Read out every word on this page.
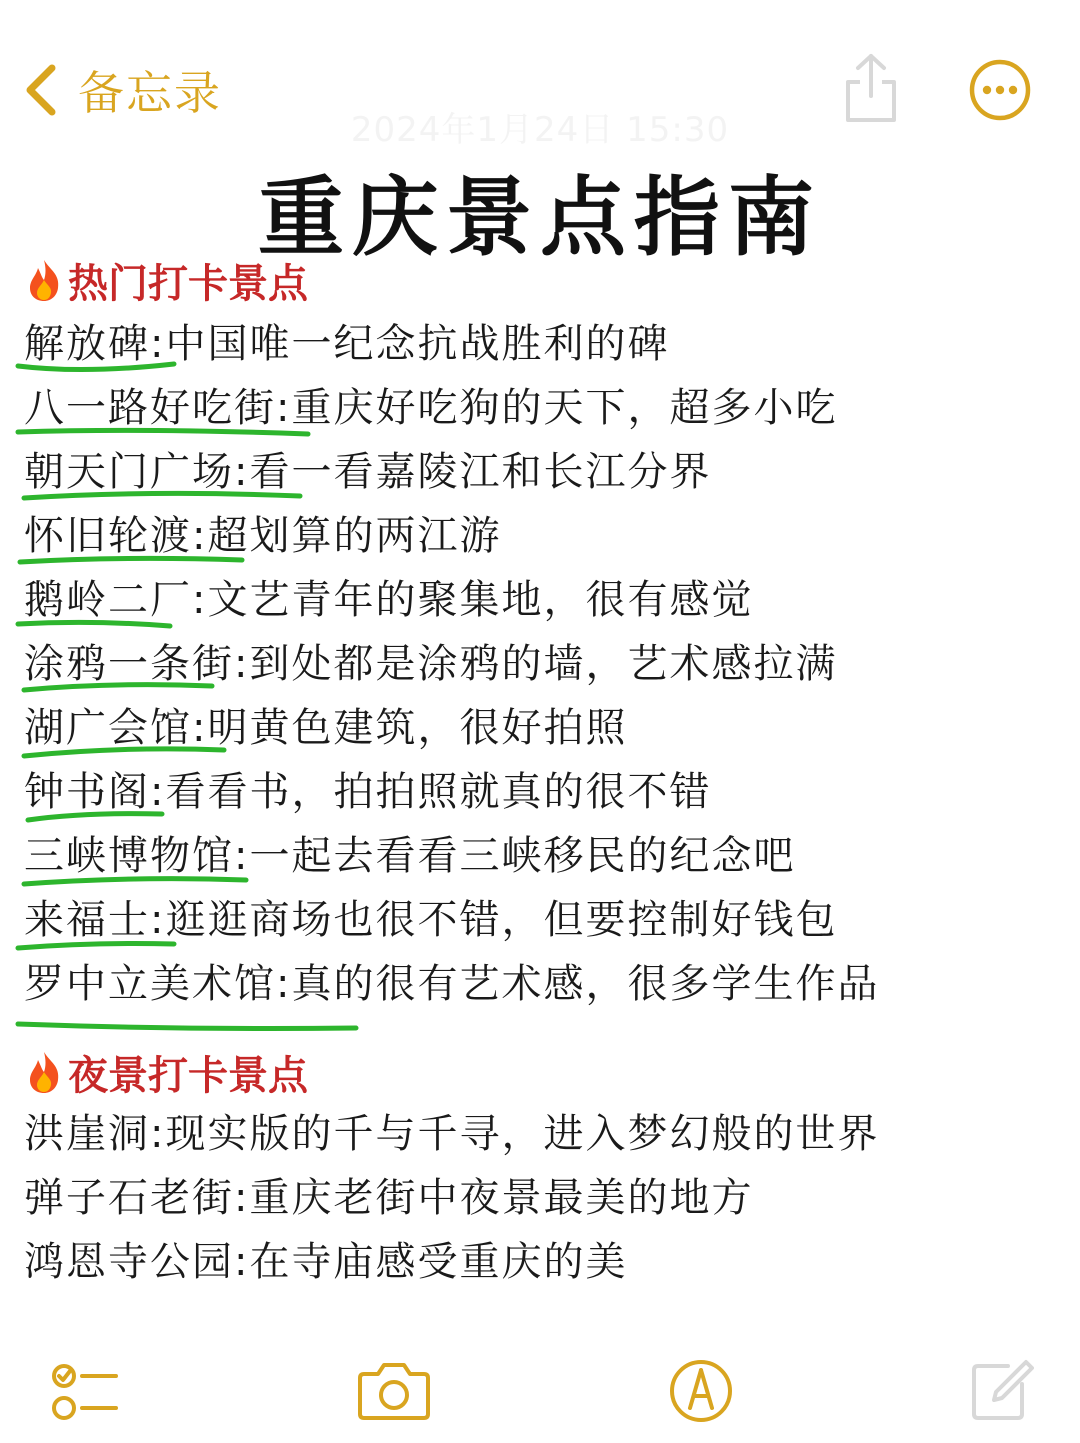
备忘录
2024年1月24日 15:30
重庆景点指南
热门打卡景点
解放碑:中国唯一纪念抗战胜利的碑
八一路好吃街:重庆好吃狗的天下，超多小吃
朝天门广场:看一看嘉陵江和长江分界
怀旧轮渡:超划算的两江游
鹅岭二厂:文艺青年的聚集地，很有感觉
涂鸦一条街:到处都是涂鸦的墙，艺术感拉满
湖广会馆:明黄色建筑，很好拍照
钟书阁:看看书，拍拍照就真的很不错
三峡博物馆:一起去看看三峡移民的纪念吧
来福士:逛逛商场也很不错，但要控制好钱包
罗中立美术馆:真的很有艺术感，很多学生作品
夜景打卡景点
洪崖洞:现实版的千与千寻，进入梦幻般的世界
弹子石老街:重庆老街中夜景最美的地方
鸿恩寺公园:在寺庙感受重庆的美
